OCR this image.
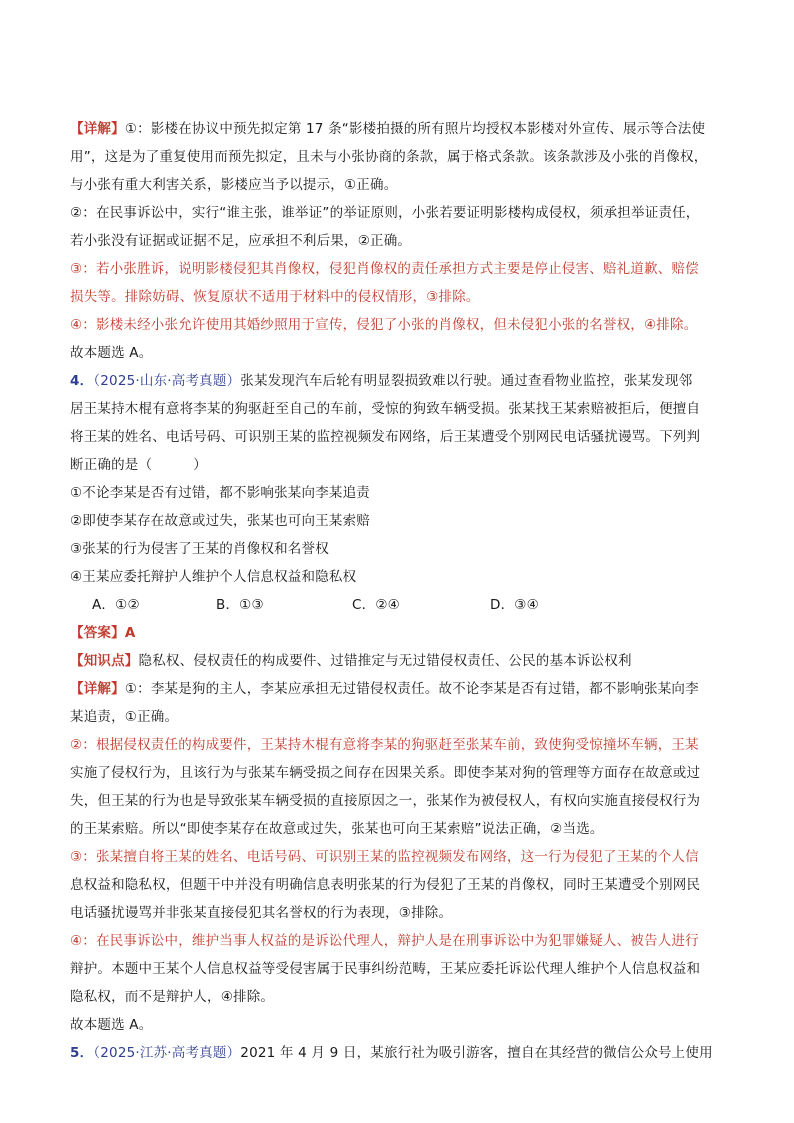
【详解】①：影楼在协议中预先拟定第 17 条“影楼拍摄的所有照片均授权本影楼对外宣传、展示等合法使
用”，这是为了重复使用而预先拟定，且未与小张协商的条款，属于格式条款。该条款涉及小张的肖像权，
与小张有重大利害关系，影楼应当予以提示，①正确。
②：在民事诉讼中，实行“谁主张，谁举证”的举证原则，小张若要证明影楼构成侵权，须承担举证责任，
若小张没有证据或证据不足，应承担不利后果，②正确。
③：若小张胜诉，说明影楼侵犯其肖像权，侵犯肖像权的责任承担方式主要是停止侵害、赔礼道歉、赔偿
损失等。排除妨碍、恢复原状不适用于材料中的侵权情形，③排除。
④：影楼未经小张允许使用其婚纱照用于宣传，侵犯了小张的肖像权，但未侵犯小张的名誉权，④排除。
故本题选 A。
4．（2025·山东·高考真题）张某发现汽车后轮有明显裂损致难以行驶。通过查看物业监控，张某发现邻
居王某持木棍有意将李某的狗驱赶至自己的车前，受惊的狗致车辆受损。张某找王某索赔被拒后，便擅自
将王某的姓名、电话号码、可识别王某的监控视频发布网络，后王某遭受个别网民电话骚扰谩骂。下列判
断正确的是（　　　）
①不论李某是否有过错，都不影响张某向李某追责
②即使李某存在故意或过失，张某也可向王某索赔
③张某的行为侵害了王某的肖像权和名誉权
④王某应委托辩护人维护个人信息权益和隐私权
A．①②	B．①③	C．②④	D．③④
【答案】A
【知识点】隐私权、侵权责任的构成要件、过错推定与无过错侵权责任、公民的基本诉讼权利
【详解】①：李某是狗的主人，李某应承担无过错侵权责任。故不论李某是否有过错，都不影响张某向李
某追责，①正确。
②：根据侵权责任的构成要件，王某持木棍有意将李某的狗驱赶至张某车前，致使狗受惊撞坏车辆，王某
实施了侵权行为，且该行为与张某车辆受损之间存在因果关系。即使李某对狗的管理等方面存在故意或过
失，但王某的行为也是导致张某车辆受损的直接原因之一，张某作为被侵权人，有权向实施直接侵权行为
的王某索赔。所以“即使李某存在故意或过失，张某也可向王某索赔”说法正确，②当选。
③：张某擅自将王某的姓名、电话号码、可识别王某的监控视频发布网络，这一行为侵犯了王某的个人信
息权益和隐私权，但题干中并没有明确信息表明张某的行为侵犯了王某的肖像权，同时王某遭受个别网民
电话骚扰谩骂并非张某直接侵犯其名誉权的行为表现，③排除。
④：在民事诉讼中，维护当事人权益的是诉讼代理人，辩护人是在刑事诉讼中为犯罪嫌疑人、被告人进行
辩护。本题中王某个人信息权益等受侵害属于民事纠纷范畴，王某应委托诉讼代理人维护个人信息权益和
隐私权，而不是辩护人，④排除。
故本题选 A。
5．（2025·江苏·高考真题）2021 年 4 月 9 日，某旅行社为吸引游客，擅自在其经营的微信公众号上使用
